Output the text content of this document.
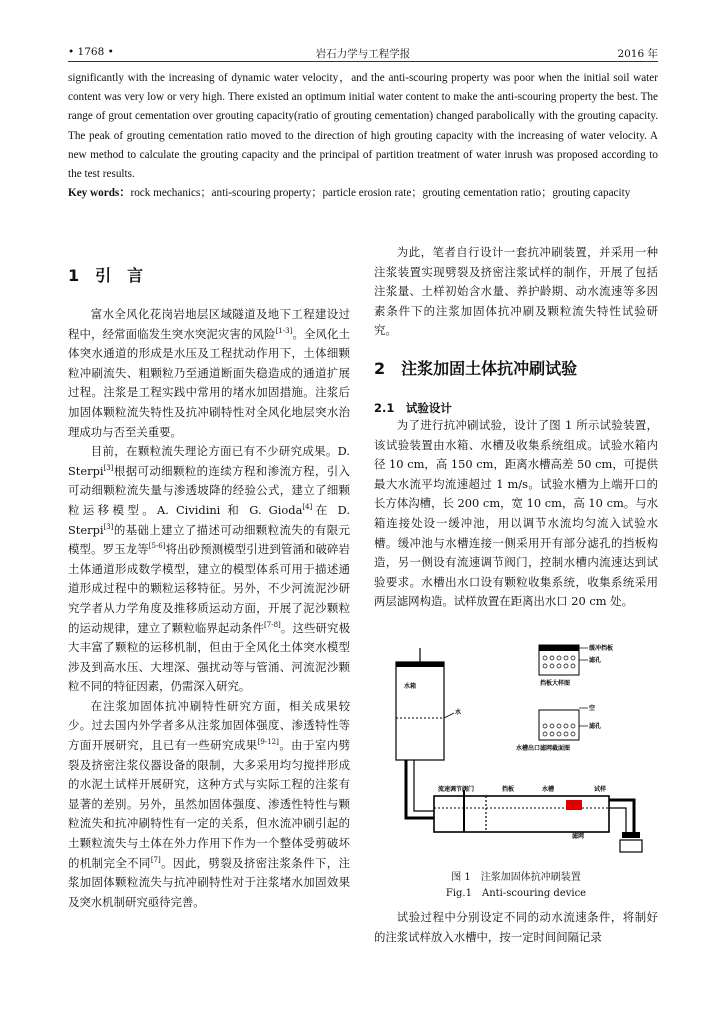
• 1768 •	岩石力学与工程学报	2016 年
significantly with the increasing of dynamic water velocity，and the anti-scouring property was poor when the initial soil water content was very low or very high. There existed an optimum initial water content to make the anti-scouring property the best. The range of grout cementation over grouting capacity(ratio of grouting cementation) changed parabolically with the grouting capacity. The peak of grouting cementation ratio moved to the direction of high grouting capacity with the increasing of water velocity. A new method to calculate the grouting capacity and the principal of partition treatment of water inrush was proposed according to the test results.
Key words：rock mechanics；anti-scouring property；particle erosion rate；grouting cementation ratio；grouting capacity
1　引　言

富水全风化花岗岩地层区域隧道及地下工程建设过程中，经常面临发生突水突泥灾害的风险[1-3]。全风化土体突水通道的形成是水压及工程扰动作用下，土体细颗粒冲刷流失、粗颗粒乃至通道断面失稳造成的通道扩展过程。注浆是工程实践中常用的堵水加固措施。注浆后加固体颗粒流失特性及抗冲刷特性对全风化地层突水治理成功与否至关重要。

目前，在颗粒流失理论方面已有不少研究成果。D. Sterpi[3]根据可动细颗粒的连续方程和渗流方程，引入可动细颗粒流失量与渗透坡降的经验公式，建立了细颗粒运移模型。A. Cividini 和 G. Gioda[4]在 D. Sterpi[3]的基础上建立了描述可动细颗粒流失的有限元模型。罗玉龙等[5-6]将出砂预测模型引进到管涌和破碎岩土体通道形成数学模型，建立的模型体系可用于描述通道形成过程中的颗粒运移特征。另外，不少河流泥沙研究学者从力学角度及推移质运动方面，开展了泥沙颗粒的运动规律，建立了颗粒临界起动条件[7-8]。这些研究极大丰富了颗粒的运移机制，但由于全风化土体突水模型涉及到高水压、大埋深、强扰动等与管涌、河流泥沙颗粒不同的特征因素，仍需深入研究。

在注浆加固体抗冲刷特性研究方面，相关成果较少。过去国内外学者多从注浆加固体强度、渗透特性等方面开展研究，且已有一些研究成果[9-12]。由于室内劈裂及挤密注浆仪器设备的限制，大多采用均匀搅拌形成的水泥土试样开展研究，这种方式与实际工程的注浆有显著的差别。另外，虽然加固体强度、渗透性特性与颗粒流失和抗冲刷特性有一定的关系，但水流冲刷引起的土颗粒流失与土体在外力作用下作为一个整体受剪破坏的机制完全不同[7]。因此，劈裂及挤密注浆条件下，注浆加固体颗粒流失与抗冲刷特性对于注浆堵水加固效果及突水机制研究亟待完善。

为此，笔者自行设计一套抗冲刷装置，并采用一种注浆装置实现劈裂及挤密注浆试样的制作，开展了包括注浆量、土样初始含水量、养护龄期、动水流速等多因素条件下的注浆加固体抗冲刷及颗粒流失特性试验研究。

2　注浆加固土体抗冲刷试验
2.1　试验设计

为了进行抗冲刷试验，设计了图 1 所示试验装置，该试验装置由水箱、水槽及收集系统组成。试验水箱内径 10 cm，高 150 cm，距离水槽高差 50 cm，可提供最大水流平均流速超过 1 m/s。试验水槽为上端开口的长方体沟槽，长 200 cm，宽 10 cm，高 10 cm。与水箱连接处设一缓冲池，用以调节水流均匀流入试验水槽。缓冲池与水槽连接一侧采用开有部分滤孔的挡板构造，另一侧设有流速调节阀门，控制水槽内流速达到试验要求。水槽出水口设有颗粒收集系统，收集系统采用两层滤网构造。试样放置在距离出水口 20 cm 处。

水箱
水
滤网
流速调节阀门	挡板	水槽	试样
缓冲挡板
滤孔
挡板大样图
空
滤孔
水槽出口滤网截面图
图 1　注浆加固体抗冲刷装置
Fig.1　Anti-scouring device

试验过程中分别设定不同的动水流速条件，将制好的注浆试样放入水槽中，按一定时间间隔记录
